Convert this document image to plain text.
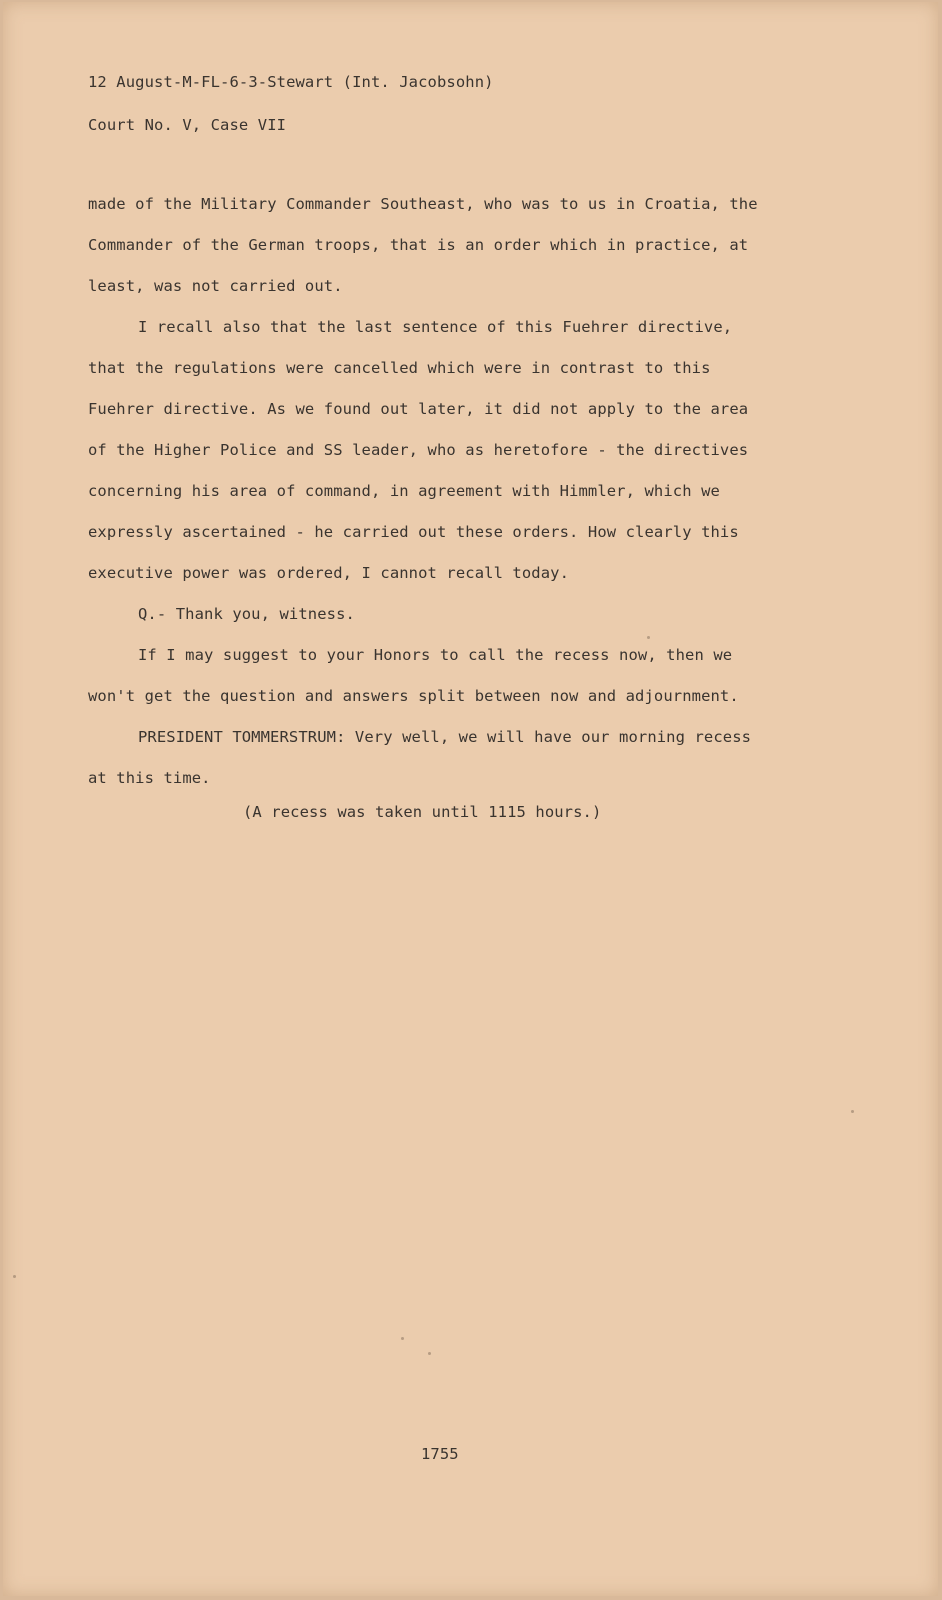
12 August-M-FL-6-3-Stewart (Int. Jacobsohn)
Court No. V, Case VII
made of the Military Commander Southeast, who was to us in Croatia, the
Commander of the German troops, that is an order which in practice, at
least, was not carried out.
I recall also that the last sentence of this Fuehrer directive,
that the regulations were cancelled which were in contrast to this
Fuehrer directive. As we found out later, it did not apply to the area
of the Higher Police and SS leader, who as heretofore - the directives
concerning his area of command, in agreement with Himmler, which we
expressly ascertained - he carried out these orders. How clearly this
executive power was ordered, I cannot recall today.
Q.- Thank you, witness.
If I may suggest to your Honors to call the recess now, then we
won't get the question and answers split between now and adjournment.
PRESIDENT TOMMERSTRUM: Very well, we will have our morning recess
at this time.
(A recess was taken until 1115 hours.)
1755
